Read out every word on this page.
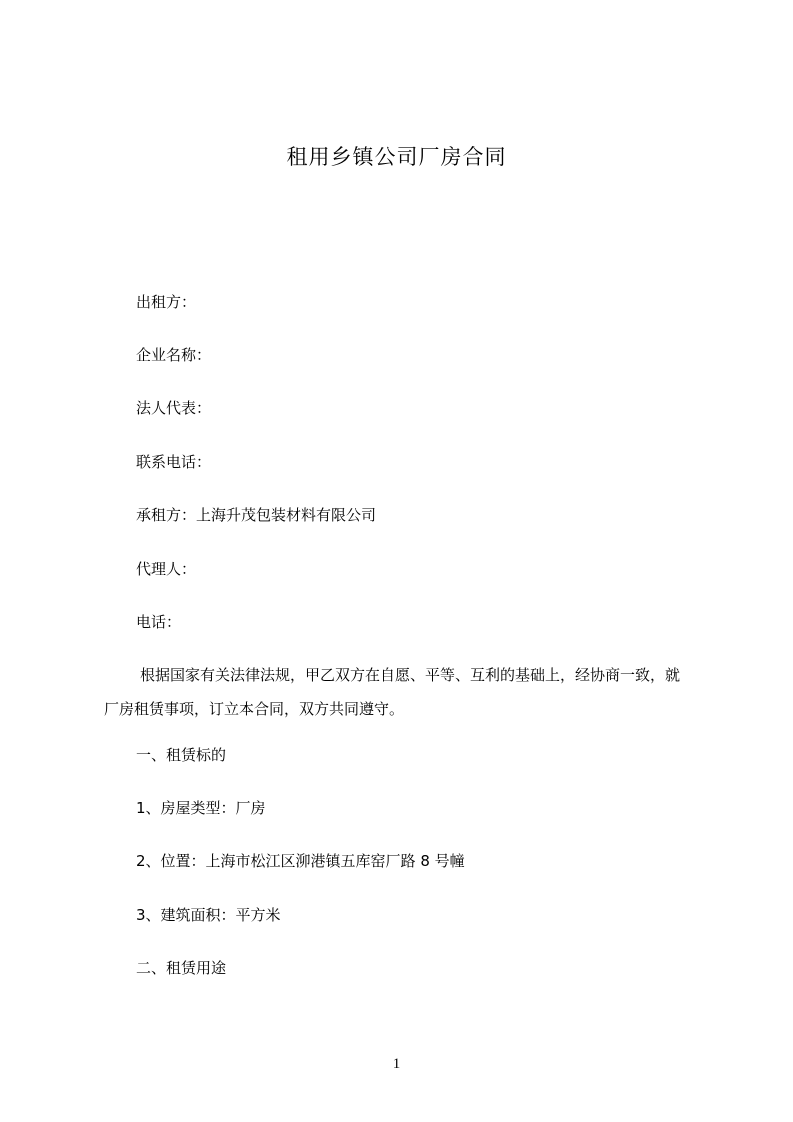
租用乡镇公司厂房合同
出租方：
企业名称：
法人代表：
联系电话：
承租方：上海升茂包装材料有限公司
代理人：
电话：
根据国家有关法律法规，甲乙双方在自愿、平等、互利的基础上，经协商一致，就厂房租赁事项，订立本合同，双方共同遵守。
一、租赁标的
1、房屋类型：厂房
2、位置：上海市松江区泖港镇五库窑厂路 8 号幢
3、建筑面积：平方米
二、租赁用途
1
